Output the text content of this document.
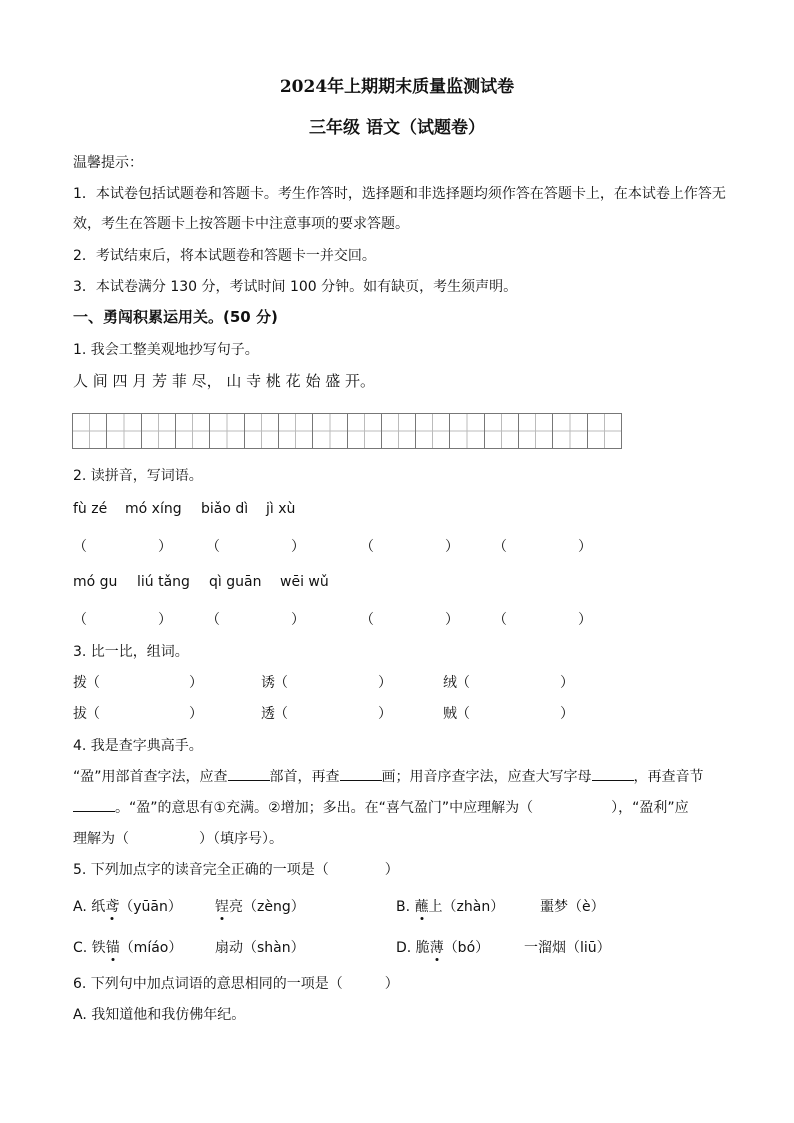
2024年上期期末质量监测试卷
三年级 语文（试题卷）
温馨提示：
1．本试卷包括试题卷和答题卡。考生作答时，选择题和非选择题均须作答在答题卡上，在本试卷上作答无
效，考生在答题卡上按答题卡中注意事项的要求答题。
2．考试结束后，将本试题卷和答题卡一并交回。
3．本试卷满分 130 分，考试时间 100 分钟。如有缺页，考生须声明。
一、勇闯积累运用关。(50 分)
1. 我会工整美观地抄写句子。
人 间 四 月 芳 菲 尽， 山 寺 桃 花 始 盛 开。
2. 读拼音，写词语。
fù zé mó xíng biǎo dì jì xù
（	） （	）	（	） （	）
mó gu liú tǎng qì guān wēi wǔ
（	） （	）	（	） （	）
3. 比一比，组词。
拨 （	）	诱 （	）	绒 （	）
拔 （	）	透 （	）	贼 （	）
4. 我是查字典高手。
“盈”用部首查字法，应查	部首，再查	画；用音序查字法，应查大写字母	，再查音节
。“盈”的意思有①充满。②增加；多出。在“喜气盈门”中应理解为（	），“盈利”应
理解为（　　　　　）（填序号）。
5. 下列加点字的读音完全正确的一项是（　　　　）
A. 纸鸢（yūān） 锃亮（zèng）	B. 蘸上（zhàn）	噩梦（è）
C. 铁锚（míáo） 扇动（shàn）	D. 脆薄（bó） 一溜烟（liū）
6. 下列句中加点词语的意思相同的一项是（　　　）
A. 我知道他和我仿佛年纪。
